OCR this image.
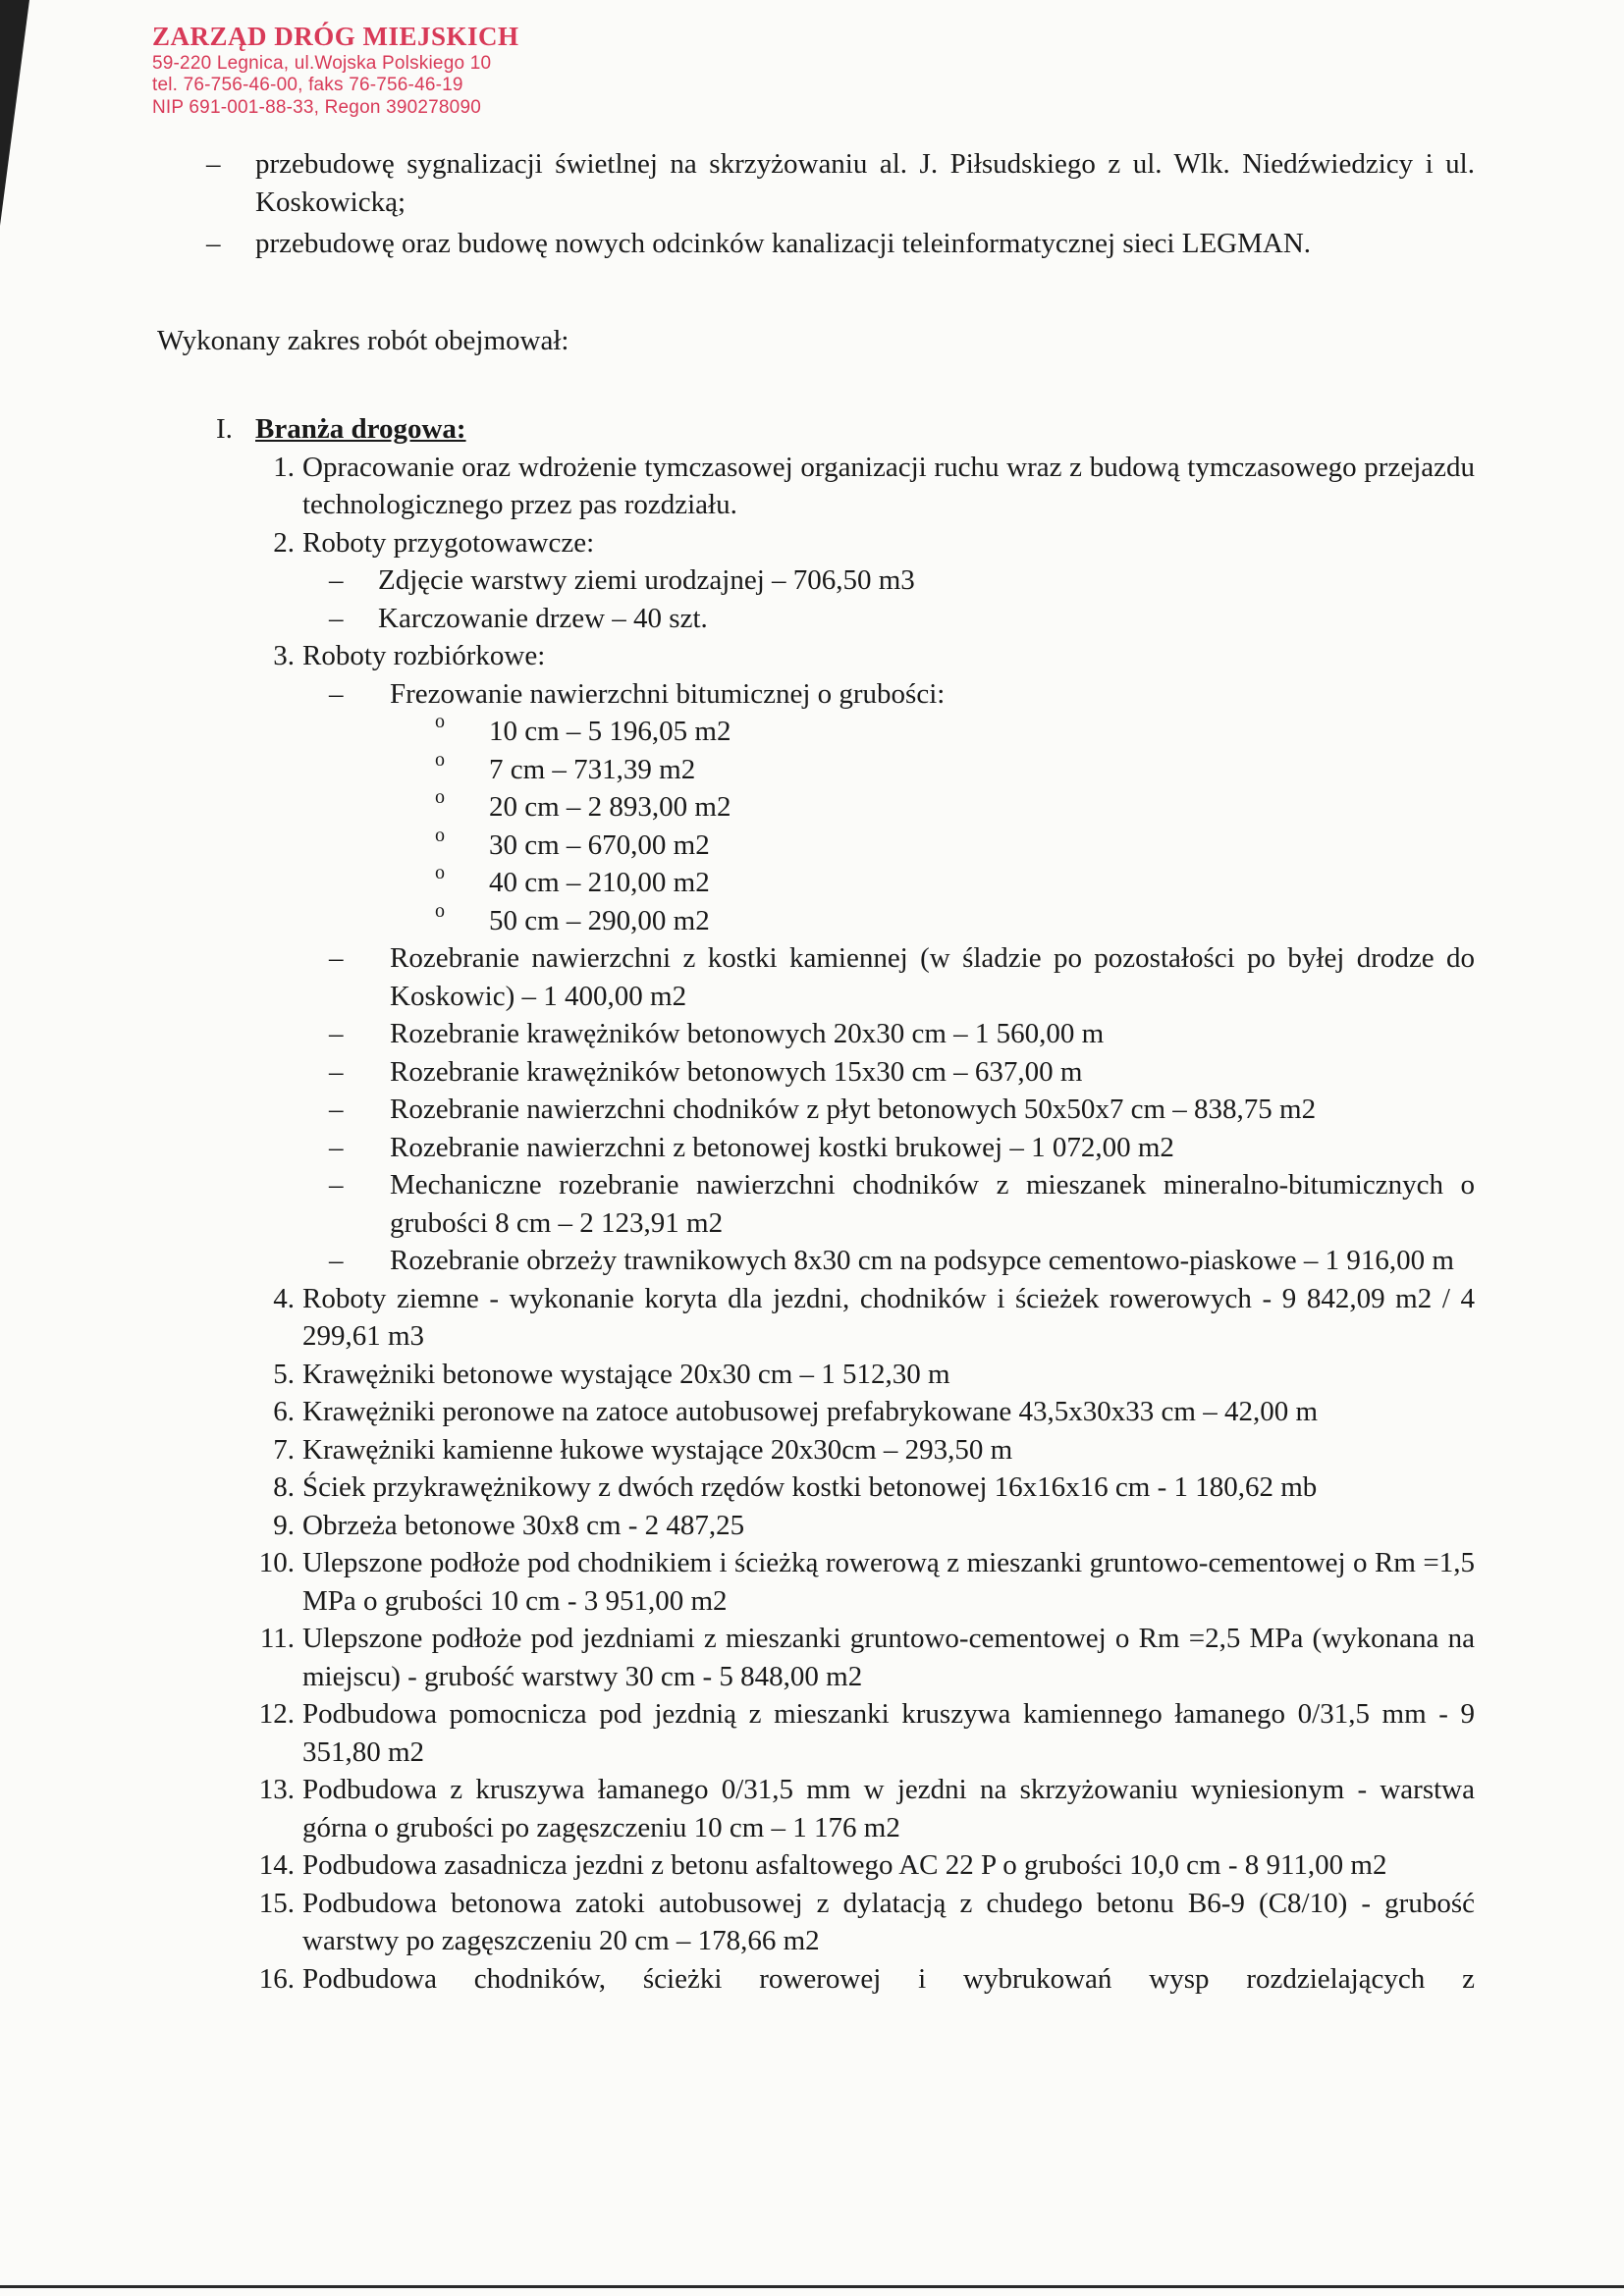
ZARZĄD DRÓG MIEJSKICH
59-220 Legnica, ul.Wojska Polskiego 10
tel. 76-756-46-00, faks 76-756-46-19
NIP 691-001-88-33, Regon 390278090
– przebudowę sygnalizacji świetlnej na skrzyżowaniu al. J. Piłsudskiego z ul. Wlk. Niedźwiedzicy i ul. Koskowicką;
– przebudowę oraz budowę nowych odcinków kanalizacji teleinformatycznej sieci LEGMAN.
Wykonany zakres robót obejmował:
I. Branża drogowa:
1. Opracowanie oraz wdrożenie tymczasowej organizacji ruchu wraz z budową tymczasowego przejazdu technologicznego przez pas rozdziału.
2. Roboty przygotowawcze:
– Zdjęcie warstwy ziemi urodzajnej – 706,50 m3
– Karczowanie drzew – 40 szt.
3. Roboty rozbiórkowe:
– Frezowanie nawierzchni bitumicznej o grubości:
o 10 cm – 5 196,05 m2
o 7 cm – 731,39 m2
o 20 cm – 2 893,00 m2
o 30 cm – 670,00 m2
o 40 cm – 210,00 m2
o 50 cm – 290,00 m2
– Rozebranie nawierzchni z kostki kamiennej (w śladzie po pozostałości po byłej drodze do Koskowic) – 1 400,00 m2
– Rozebranie krawężników betonowych 20x30 cm – 1 560,00 m
– Rozebranie krawężników betonowych 15x30 cm – 637,00 m
– Rozebranie nawierzchni chodników z płyt betonowych 50x50x7 cm – 838,75 m2
– Rozebranie nawierzchni z betonowej kostki brukowej – 1 072,00 m2
– Mechaniczne rozebranie nawierzchni chodników z mieszanek mineralno-bitumicznych o grubości 8 cm – 2 123,91 m2
– Rozebranie obrzeży trawnikowych 8x30 cm na podsypce cementowo-piaskowe – 1 916,00 m
4. Roboty ziemne - wykonanie koryta dla jezdni, chodników i ścieżek rowerowych - 9 842,09 m2 / 4 299,61 m3
5. Krawężniki betonowe wystające 20x30 cm – 1 512,30 m
6. Krawężniki peronowe na zatoce autobusowej prefabrykowane 43,5x30x33 cm – 42,00 m
7. Krawężniki kamienne łukowe wystające 20x30cm – 293,50 m
8. Ściek przykrawężnikowy z dwóch rzędów kostki betonowej 16x16x16 cm - 1 180,62 mb
9. Obrzeża betonowe 30x8 cm - 2 487,25
10. Ulepszone podłoże pod chodnikiem i ścieżką rowerową z mieszanki gruntowo-cementowej o Rm =1,5 MPa o grubości 10 cm - 3 951,00 m2
11. Ulepszone podłoże pod jezdniami z mieszanki gruntowo-cementowej o Rm =2,5 MPa (wykonana na miejscu) - grubość warstwy 30 cm - 5 848,00 m2
12. Podbudowa pomocnicza pod jezdnią z mieszanki kruszywa kamiennego łamanego 0/31,5 mm - 9 351,80 m2
13. Podbudowa z kruszywa łamanego 0/31,5 mm w jezdni na skrzyżowaniu wyniesionym - warstwa górna o grubości po zagęszczeniu 10 cm – 1 176 m2
14. Podbudowa zasadnicza jezdni z betonu asfaltowego AC 22 P o grubości 10,0 cm - 8 911,00 m2
15. Podbudowa betonowa zatoki autobusowej z dylatacją z chudego betonu B6-9 (C8/10) - grubość warstwy po zagęszczeniu 20 cm – 178,66 m2
16. Podbudowa chodników, ścieżki rowerowej i wybrukowań wysp rozdzielających z
